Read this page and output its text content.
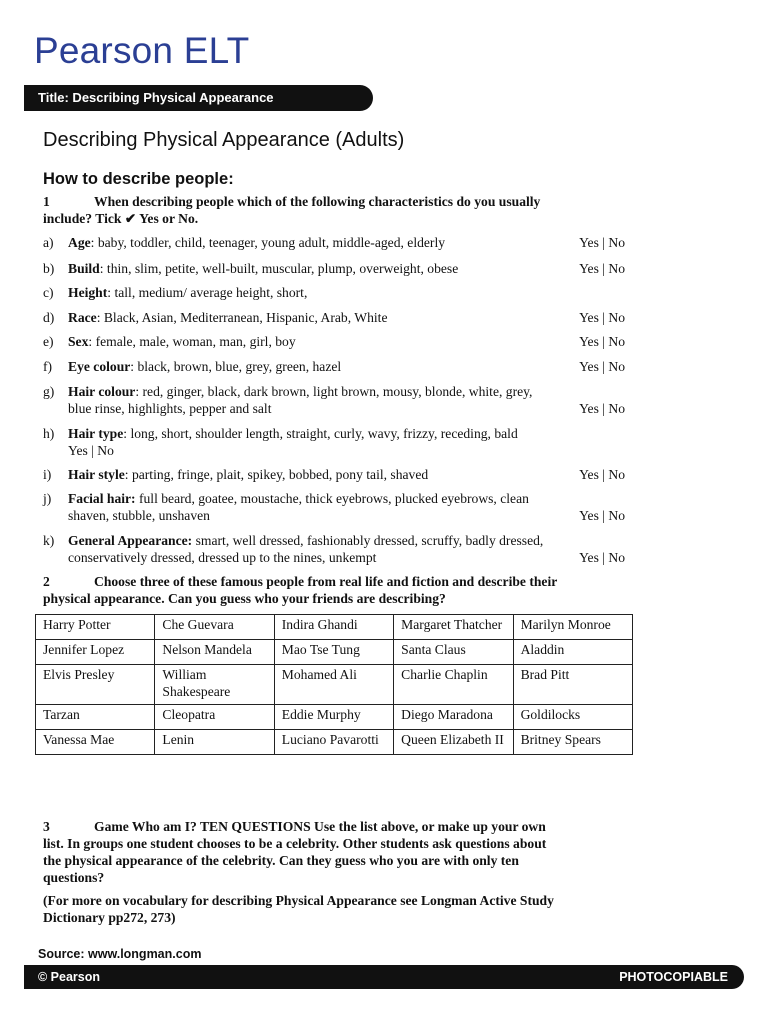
Pearson ELT
Title: Describing Physical Appearance
Describing Physical Appearance (Adults)
How to describe people:
1	When describing people which of the following characteristics do you usually
include? Tick ✔ Yes or No.
a) Age: baby, toddler, child, teenager, young adult, middle-aged, elderly	Yes | No
b) Build: thin, slim, petite, well-built, muscular, plump, overweight, obese	Yes | No
c) Height: tall, medium/ average height, short,
d) Race: Black, Asian, Mediterranean, Hispanic, Arab, White	Yes | No
e) Sex: female, male, woman, man, girl, boy	Yes | No
f) Eye colour: black, brown, blue, grey, green, hazel	Yes | No
g) Hair colour: red, ginger, black, dark brown, light brown, mousy, blonde, white, grey,
blue rinse, highlights, pepper and salt	Yes | No
h) Hair type: long, short, shoulder length, straight, curly, wavy, frizzy, receding, bald
Yes | No
i) Hair style: parting, fringe, plait, spikey, bobbed, pony tail, shaved	Yes | No
j) Facial hair: full beard, goatee, moustache, thick eyebrows, plucked eyebrows, clean
shaven, stubble, unshaven	Yes | No
k) General Appearance: smart, well dressed, fashionably dressed, scruffy, badly dressed,
conservatively dressed, dressed up to the nines, unkempt	Yes | No
2	Choose three of these famous people from real life and fiction and describe their
physical appearance. Can you guess who your friends are describing?
Harry Potter	Che Guevara	Indira Ghandi	Margaret Thatcher	Marilyn Monroe
Jennifer Lopez	Nelson Mandela	Mao Tse Tung	Santa Claus	Aladdin
Elvis Presley	William Shakespeare	Mohamed Ali	Charlie Chaplin	Brad Pitt
Tarzan	Cleopatra	Eddie Murphy	Diego Maradona	Goldilocks
Vanessa Mae	Lenin	Luciano Pavarotti	Queen Elizabeth II	Britney Spears
3	Game Who am I? TEN QUESTIONS Use the list above, or make up your own
list. In groups one student chooses to be a celebrity. Other students ask questions about
the physical appearance of the celebrity. Can they guess who you are with only ten
questions?
(For more on vocabulary for describing Physical Appearance see Longman Active Study
Dictionary pp272, 273)
Source: www.longman.com
© Pearson	PHOTOCOPIABLE
